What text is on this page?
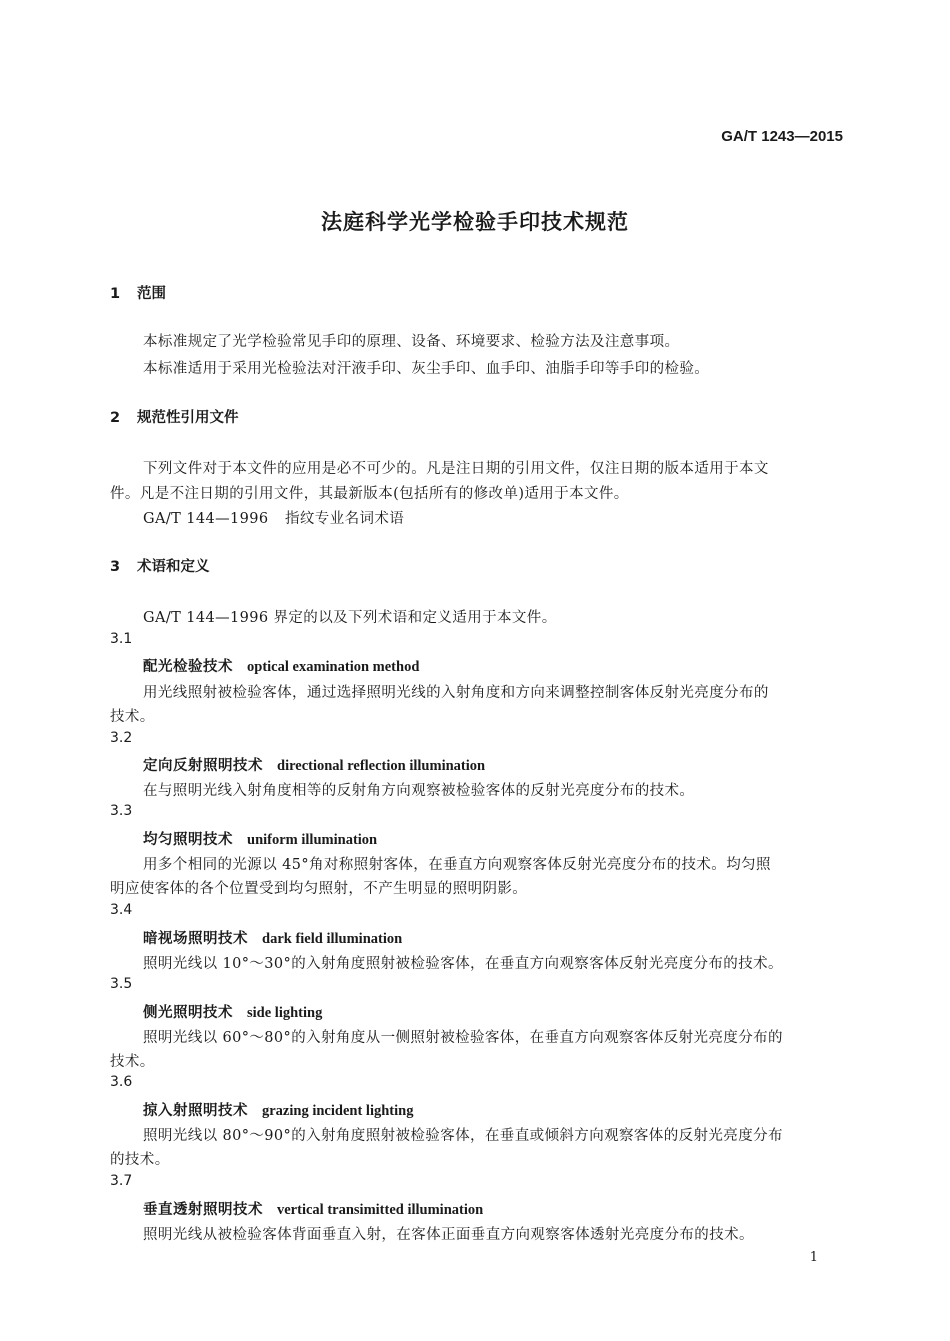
GA/T 1243—2015
法庭科学光学检验手印技术规范
1 范围
本标准规定了光学检验常见手印的原理、设备、环境要求、检验方法及注意事项。
本标准适用于采用光检验法对汗液手印、灰尘手印、血手印、油脂手印等手印的检验。
2 规范性引用文件
下列文件对于本文件的应用是必不可少的。凡是注日期的引用文件，仅注日期的版本适用于本文
件。凡是不注日期的引用文件，其最新版本(包括所有的修改单)适用于本文件。
GA/T 144—1996 指纹专业名词术语
3 术语和定义
GA/T 144—1996 界定的以及下列术语和定义适用于本文件。
3.1
配光检验技术 optical examination method
用光线照射被检验客体，通过选择照明光线的入射角度和方向来调整控制客体反射光亮度分布的
技术。
3.2
定向反射照明技术 directional reflection illumination
在与照明光线入射角度相等的反射角方向观察被检验客体的反射光亮度分布的技术。
3.3
均匀照明技术 uniform illumination
用多个相同的光源以 45°角对称照射客体，在垂直方向观察客体反射光亮度分布的技术。均匀照
明应使客体的各个位置受到均匀照射，不产生明显的照明阴影。
3.4
暗视场照明技术 dark field illumination
照明光线以 10°～30°的入射角度照射被检验客体，在垂直方向观察客体反射光亮度分布的技术。
3.5
侧光照明技术 side lighting
照明光线以 60°～80°的入射角度从一侧照射被检验客体，在垂直方向观察客体反射光亮度分布的
技术。
3.6
掠入射照明技术 grazing incident lighting
照明光线以 80°～90°的入射角度照射被检验客体，在垂直或倾斜方向观察客体的反射光亮度分布
的技术。
3.7
垂直透射照明技术 vertical transimitted illumination
照明光线从被检验客体背面垂直入射，在客体正面垂直方向观察客体透射光亮度分布的技术。
1
